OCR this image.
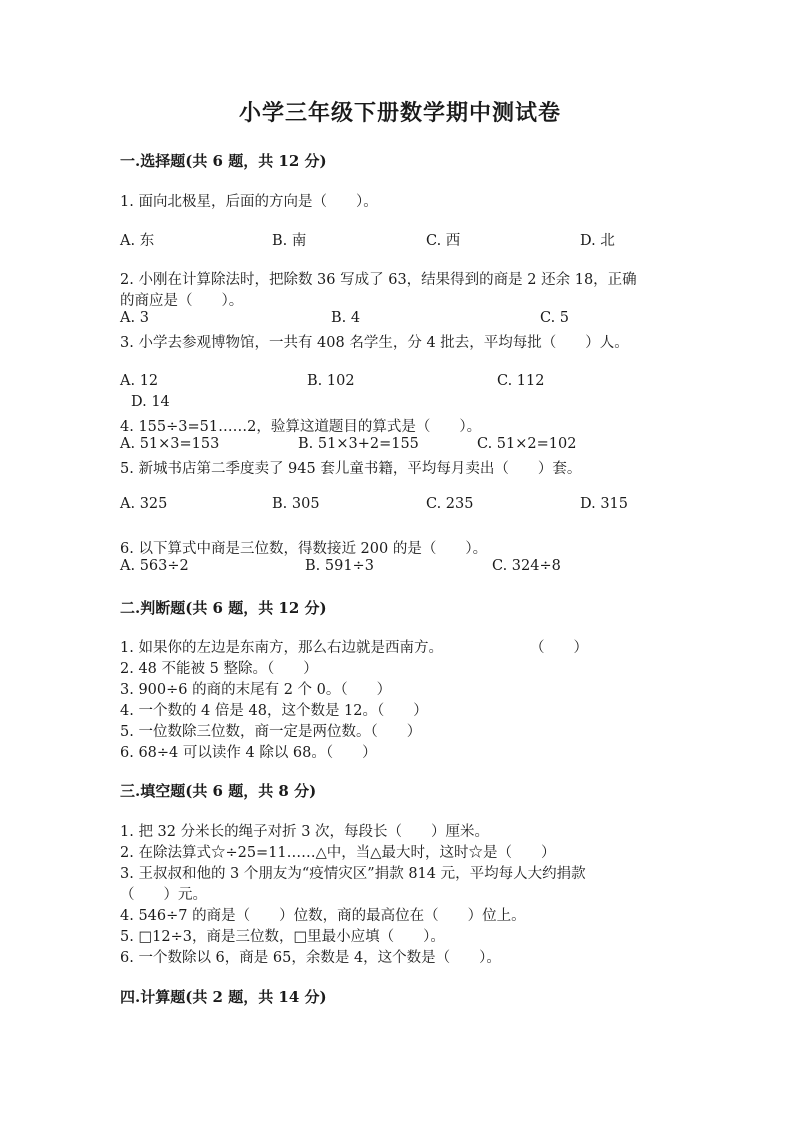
小学三年级下册数学期中测试卷
一.选择题(共 6 题，共 12 分)
1. 面向北极星，后面的方向是（　　）。
A. 东	B. 南	C. 西	D. 北
2. 小刚在计算除法时，把除数 36 写成了 63，结果得到的商是 2 还余 18，正确
的商应是（　　）。
A. 3	B. 4	C. 5
3. 小学去参观博物馆，一共有 408 名学生，分 4 批去，平均每批（　　）人。
A. 12	B. 102	C. 112
D. 14
4. 155÷3=51……2，验算这道题目的算式是（　　）。
A. 51×3=153	B. 51×3+2=155	C. 51×2=102
5. 新城书店第二季度卖了 945 套儿童书籍，平均每月卖出（　　）套。
A. 325	B. 305	C. 235	D. 315
6. 以下算式中商是三位数，得数接近 200 的是（　　）。
A. 563÷2	B. 591÷3	C. 324÷8
二.判断题(共 6 题，共 12 分)
1. 如果你的左边是东南方，那么右边就是西南方。	（　　）
2. 48 不能被 5 整除。（　　）
3. 900÷6 的商的末尾有 2 个 0。（　　）
4. 一个数的 4 倍是 48，这个数是 12。（　　）
5. 一位数除三位数，商一定是两位数。（　　）
6. 68÷4 可以读作 4 除以 68。（　　）
三.填空题(共 6 题，共 8 分)
1. 把 32 分米长的绳子对折 3 次，每段长（　　）厘米。
2. 在除法算式☆÷25=11……△中，当△最大时，这时☆是（　　）
3. 王叔叔和他的 3 个朋友为“疫情灾区”捐款 814 元，平均每人大约捐款
（　　）元。
4. 546÷7 的商是（　　）位数，商的最高位在（　　）位上。
5. □12÷3，商是三位数，□里最小应填（　　）。
6. 一个数除以 6，商是 65，余数是 4，这个数是（　　）。
四.计算题(共 2 题，共 14 分)
